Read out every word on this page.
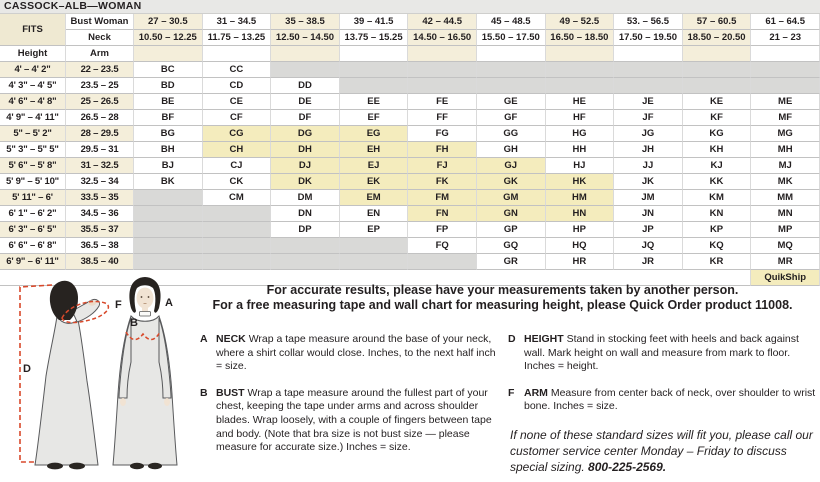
CASSOCK–ALB—WOMAN
FITS	Bust Woman	27 – 30.5	31 – 34.5	35 – 38.5	39 – 41.5	42 – 44.5	45 – 48.5	49 – 52.5	53. – 56.5	57 – 60.5	61 – 64.5
	Neck	10.50 – 12.25	11.75 – 13.25	12.50 – 14.50	13.75 – 15.25	14.50 – 16.50	15.50 – 17.50	16.50 – 18.50	17.50 – 19.50	18.50 – 20.50	21 – 23
Height	Arm										
4' – 4' 2"	22 – 23.5	BC	CC								
4' 3" – 4' 5"	23.5 – 25	BD	CD	DD							
4' 6" – 4' 8"	25 – 26.5	BE	CE	DE	EE	FE	GE	HE	JE	KE	ME
4' 9" – 4' 11"	26.5 – 28	BF	CF	DF	EF	FF	GF	HF	JF	KF	MF
5" – 5' 2"	28 – 29.5	BG	CG	DG	EG	FG	GG	HG	JG	KG	MG
5" 3" – 5" 5"	29.5 – 31	BH	CH	DH	EH	FH	GH	HH	JH	KH	MH
5' 6" – 5' 8"	31 – 32.5	BJ	CJ	DJ	EJ	FJ	GJ	HJ	JJ	KJ	MJ
5' 9" – 5' 10"	32.5 – 34	BK	CK	DK	EK	FK	GK	HK	JK	KK	MK
5' 11" – 6'	33.5 – 35		CM	DM	EM	FM	GM	HM	JM	KM	MM
6' 1" – 6' 2"	34.5 – 36			DN	EN	FN	GN	HN	JN	KN	MN
6' 3" – 6' 5"	35.5 – 37			DP	EP	FP	GP	HP	JP	KP	MP
6' 6" – 6' 8"	36.5 – 38					FQ	GQ	HQ	JQ	KQ	MQ
6' 9" – 6' 11"	38.5 – 40						GR	HR	JR	KR	MR
											QuikShip
D
F	A
B
For accurate results, please have your measurements taken by another person.
For a free measuring tape and wall chart for measuring height, please Quick Order product 11008.
A NECK Wrap a tape measure around the base of your neck, where a shirt collar would close. Inches, to the next half inch = size.
B BUST Wrap a tape measure around the fullest part of your chest, keeping the tape under arms and across shoulder blades. Wrap loosely, with a couple of fingers between tape and body. (Note that bra size is not bust size — please measure for accurate size.) Inches = size.
D HEIGHT Stand in stocking feet with heels and back against wall. Mark height on wall and measure from mark to floor. Inches = height.
F ARM Measure from center back of neck, over shoulder to wrist bone. Inches = size.
If none of these standard sizes will fit you, please call our customer service center Monday – Friday to discuss special sizing. 800-225-2569.
